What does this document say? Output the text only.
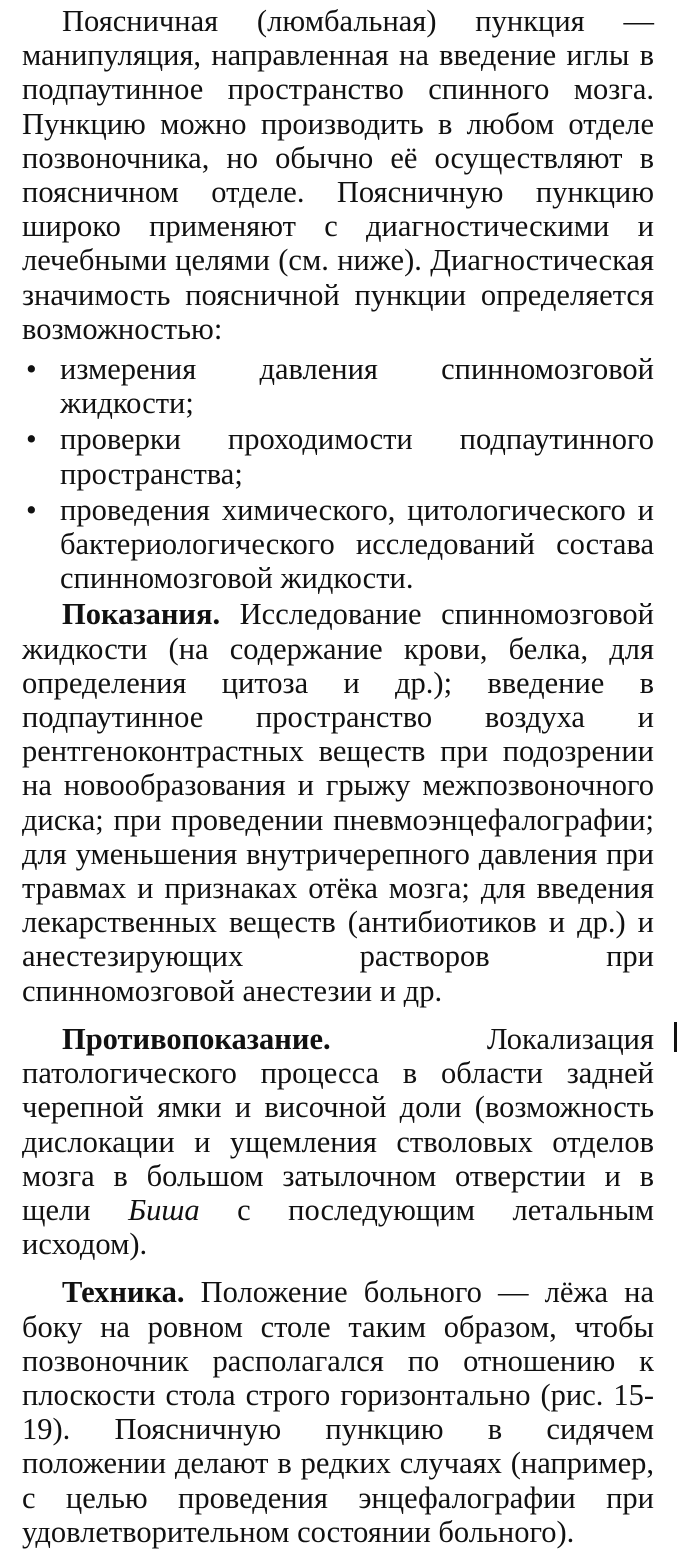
Поясничная (люмбальная) пункция — манипуляция, направленная на введение иглы в подпаутинное пространство спинного мозга. Пункцию можно производить в любом отделе позвоночника, но обычно её осуществляют в поясничном отделе. Поясничную пункцию широко применяют с диагностическими и лечебными целями (см. ниже). Диагностическая значимость поясничной пункции определяется возможностью:

• измерения давления спинномозговой жидкости;
• проверки проходимости подпаутинного пространства;
• проведения химического, цитологического и бактериологического исследований состава спинномозговой жидкости.

Показания. Исследование спинномозговой жидкости (на содержание крови, белка, для определения цитоза и др.); введение в подпаутинное пространство воздуха и рентгеноконтрастных веществ при подозрении на новообразования и грыжу межпозвоночного диска; при проведении пневмоэнцефалографии; для уменьшения внутричерепного давления при травмах и признаках отёка мозга; для введения лекарственных веществ (антибиотиков и др.) и анестезирующих растворов при спинномозговой анестезии и др.

Противопоказание.	Локализация патологического процесса в области задней черепной ямки и височной доли (возможность дислокации и ущемления стволовых отделов мозга в большом затылочном отверстии и в щели Биша с последующим летальным исходом).

Техника. Положение больного — лёжа на боку на ровном столе таким образом, чтобы позвоночник располагался по отношению к плоскости стола строго горизонтально (рис. 15-19). Поясничную пункцию в сидячем положении делают в редких случаях (например, с целью проведения энцефалографии при удовлетворительном состоянии больного).
